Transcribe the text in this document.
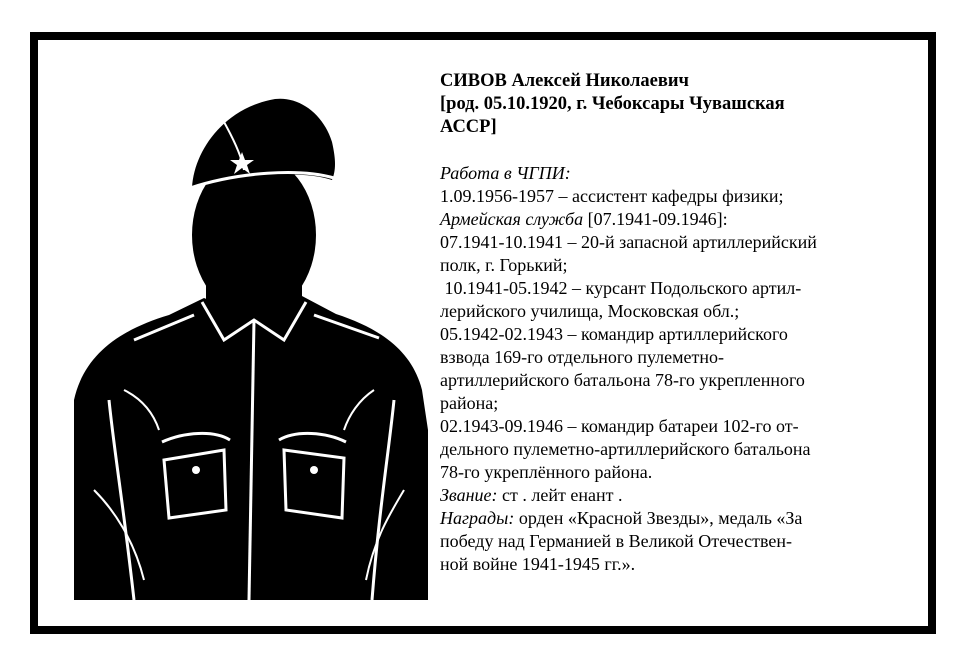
СИВОВ Алексей Николаевич
[род. 05.10.1920, г. Чебоксары Чувашская
АССР]
Работа в ЧГПИ:
1.09.1956-1957 – ассистент кафедры физики;
Армейская служба [07.1941-09.1946]:
07.1941-10.1941 – 20-й запасной артиллерийский
полк, г. Горький;
10.1941-05.1942 – курсант Подольского артил-
лерийского училища, Московская обл.;
05.1942-02.1943 – командир артиллерийского
взвода 169-го отдельного пулеметно-
артиллерийского батальона 78-го укрепленного
района;
02.1943-09.1946 – командир батареи 102-го от-
дельного пулеметно-артиллерийского батальона
78-го укреплённого района.
Звание: ст . лейт енант .
Награды: орден «Красной Звезды», медаль «За
победу над Германией в Великой Отечествен-
ной войне 1941-1945 гг.».
